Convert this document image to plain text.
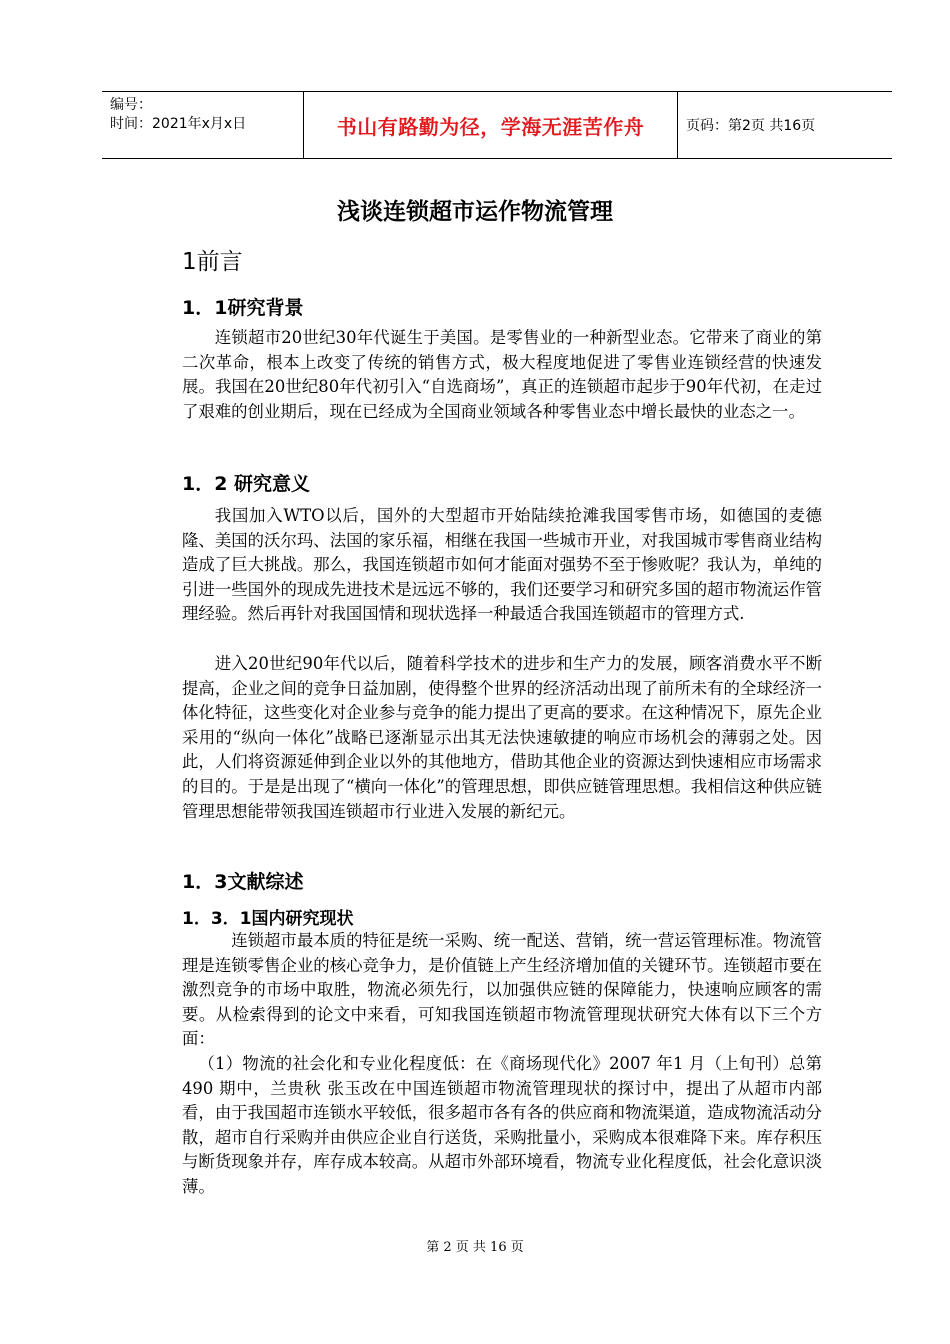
编号：
时间：2021年x月x日	书山有路勤为径，学海无涯苦作舟	页码：第2页 共16页
浅谈连锁超市运作物流管理
1前言
1．1研究背景

连锁超市20世纪30年代诞生于美国。是零售业的一种新型业态。它带来了商业的第二次革命，根本上改变了传统的销售方式，极大程度地促进了零售业连锁经营的快速发展。我国在20世纪80年代初引入“自选商场”，真正的连锁超市起步于90年代初，在走过了艰难的创业期后，现在已经成为全国商业领域各种零售业态中增长最快的业态之一。

1．2 研究意义

我国加入WTO以后，国外的大型超市开始陆续抢滩我国零售市场，如德国的麦德隆、美国的沃尔玛、法国的家乐福，相继在我国一些城市开业，对我国城市零售商业结构造成了巨大挑战。那么，我国连锁超市如何才能面对强势不至于惨败呢？我认为，单纯的引进一些国外的现成先进技术是远远不够的，我们还要学习和研究多国的超市物流运作管理经验。然后再针对我国国情和现状选择一种最适合我国连锁超市的管理方式.

进入20世纪90年代以后，随着科学技术的进步和生产力的发展，顾客消费水平不断提高，企业之间的竞争日益加剧，使得整个世界的经济活动出现了前所未有的全球经济一体化特征，这些变化对企业参与竞争的能力提出了更高的要求。在这种情况下，原先企业采用的“纵向一体化”战略已逐渐显示出其无法快速敏捷的响应市场机会的薄弱之处。因此，人们将资源延伸到企业以外的其他地方，借助其他企业的资源达到快速相应市场需求的目的。于是是出现了“横向一体化”的管理思想，即供应链管理思想。我相信这种供应链管理思想能带领我国连锁超市行业进入发展的新纪元。

1．3文献综述
1．3．1国内研究现状

连锁超市最本质的特征是统一采购、统一配送、营销，统一营运管理标准。物流管理是连锁零售企业的核心竞争力，是价值链上产生经济增加值的关键环节。连锁超市要在激烈竞争的市场中取胜，物流必须先行，以加强供应链的保障能力，快速响应顾客的需要。从检索得到的论文中来看，可知我国连锁超市物流管理现状研究大体有以下三个方面：

（1）物流的社会化和专业化程度低：在《商场现代化》2007 年1 月（上旬刊）总第490 期中，兰贵秋 张玉改在中国连锁超市物流管理现状的探讨中，提出了从超市内部看，由于我国超市连锁水平较低，很多超市各有各的供应商和物流渠道，造成物流活动分散，超市自行采购并由供应企业自行送货，采购批量小，采购成本很难降下来。库存积压与断货现象并存，库存成本较高。从超市外部环境看，物流专业化程度低，社会化意识淡薄。

第 2 页 共 16 页
